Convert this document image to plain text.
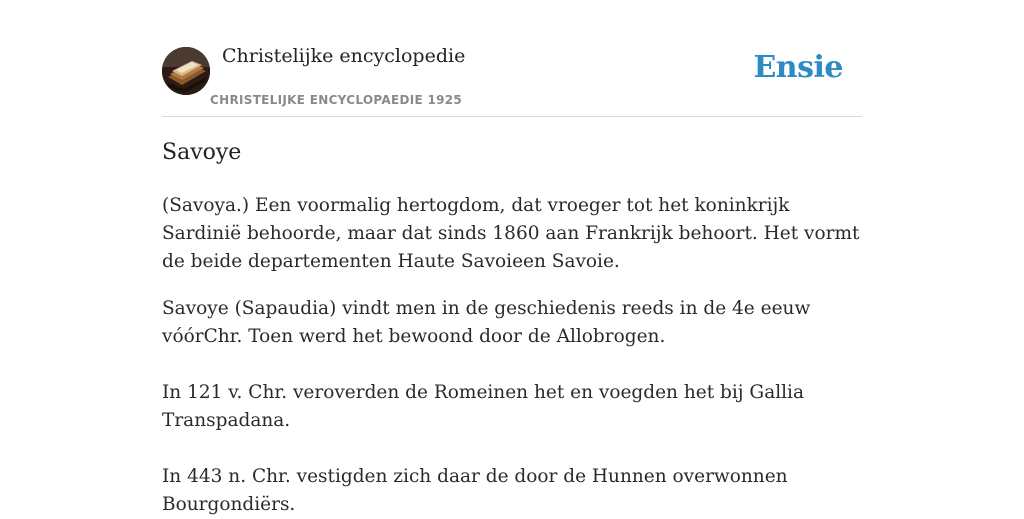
Christelijke encyclopedie
CHRISTELIJKE ENCYCLOPAEDIE 1925
Ensie
Savoye

(Savoya.) Een voormalig hertogdom, dat vroeger tot het koninkrijk Sardinië behoorde, maar dat sinds 1860 aan Frankrijk behoort. Het vormt de beide departementen Haute Savoieen Savoie.

Savoye (Sapaudia) vindt men in de geschiedenis reeds in de 4e eeuw vóórChr. Toen werd het bewoond door de Allobrogen.

In 121 v. Chr. veroverden de Romeinen het en voegden het bij Gallia Transpadana.

In 443 n. Chr. vestigden zich daar de door de Hunnen overwonnen Bourgondiërs.
